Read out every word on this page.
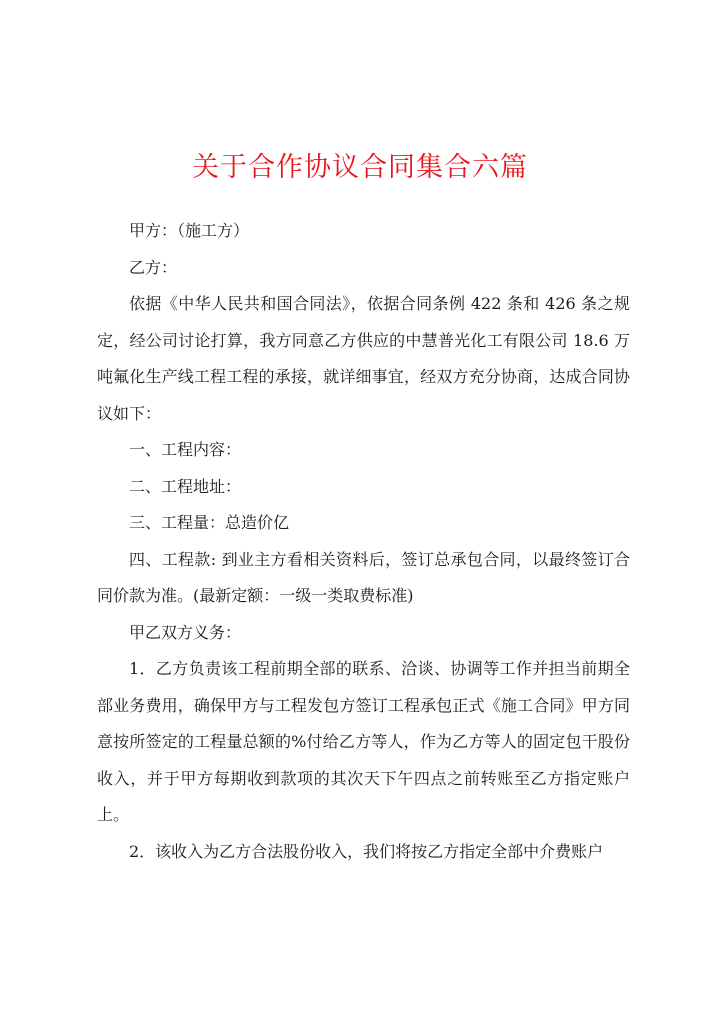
关于合作协议合同集合六篇

甲方：（施工方）

乙方：

依据《中华人民共和国合同法》，依据合同条例 422 条和 426 条之规定，经公司讨论打算，我方同意乙方供应的中慧普光化工有限公司 18.6 万吨氟化生产线工程工程的承接，就详细事宜，经双方充分协商，达成合同协议如下：

一、工程内容：

二、工程地址：

三、工程量：总造价亿

四、工程款: 到业主方看相关资料后，签订总承包合同，以最终签订合同价款为准。(最新定额：一级一类取费标准)

甲乙双方义务：

1．乙方负责该工程前期全部的联系、洽谈、协调等工作并担当前期全部业务费用，确保甲方与工程发包方签订工程承包正式《施工合同》甲方同意按所签定的工程量总额的%付给乙方等人，作为乙方等人的固定包干股份收入，并于甲方每期收到款项的其次天下午四点之前转账至乙方指定账户上。

2．该收入为乙方合法股份收入，我们将按乙方指定全部中介费账户
